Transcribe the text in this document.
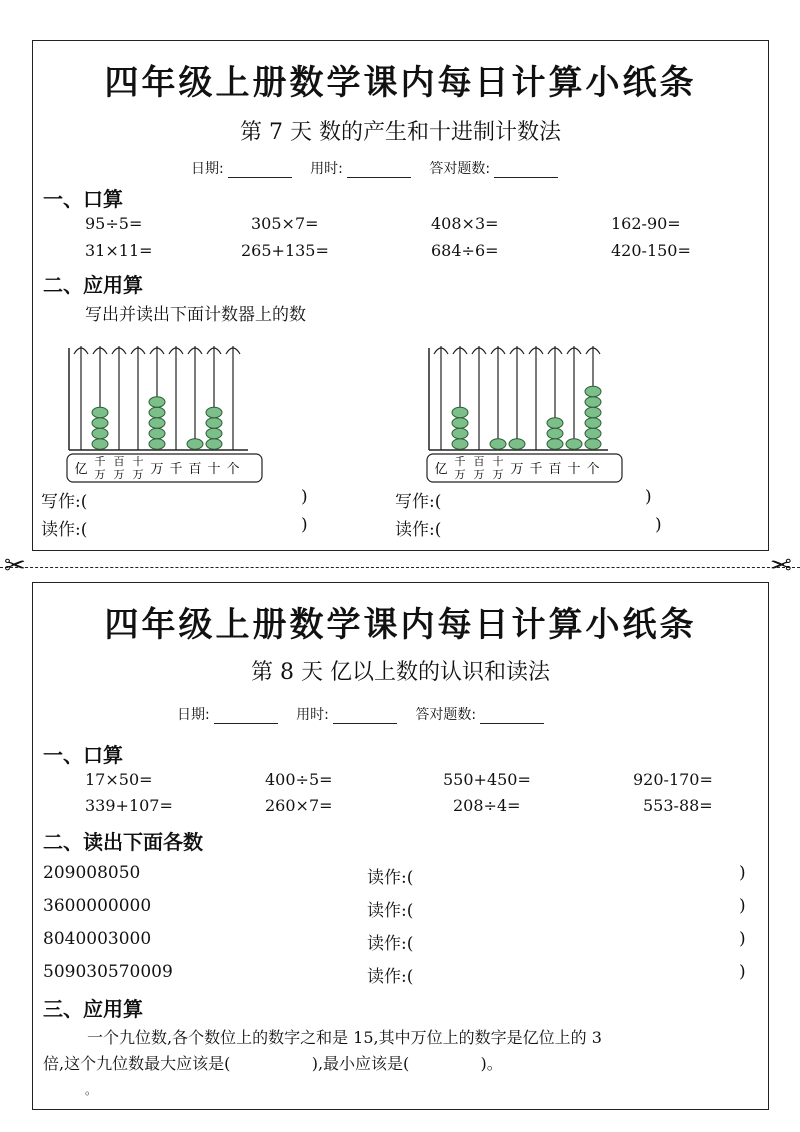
四年级上册数学课内每日计算小纸条
第 7 天 数的产生和十进制计数法
日期:	用时:	答对题数:
一、口算
95÷5=	305×7=	408×3=	162-90=
31×11=	265+135=	684÷6=	420-150=
二、应用算
写出并读出下面计数器上的数
亿
千
万
百
万
十
万 万 千 百 十 个	亿
千
万
百
万
十
万 万 千 百 十 个
写作:(	)
读作:(	)
写作:(	)
读作:(	)
✂	✂
四年级上册数学课内每日计算小纸条
第 8 天 亿以上数的认识和读法
日期:	用时:	答对题数:
一、口算
17×50=	400÷5=	550+450=	920-170=
339+107=	260×7=	208÷4=	553-88=
二、读出下面各数
209008050	读作:(	)
3600000000	读作:(	)
8040003000	读作:(	)
509030570009	读作:(	)
三、应用算
一个九位数,各个数位上的数字之和是 15,其中万位上的数字是亿位上的 3
倍,这个九位数最大应该是(                ),最小应该是(              )。
。
